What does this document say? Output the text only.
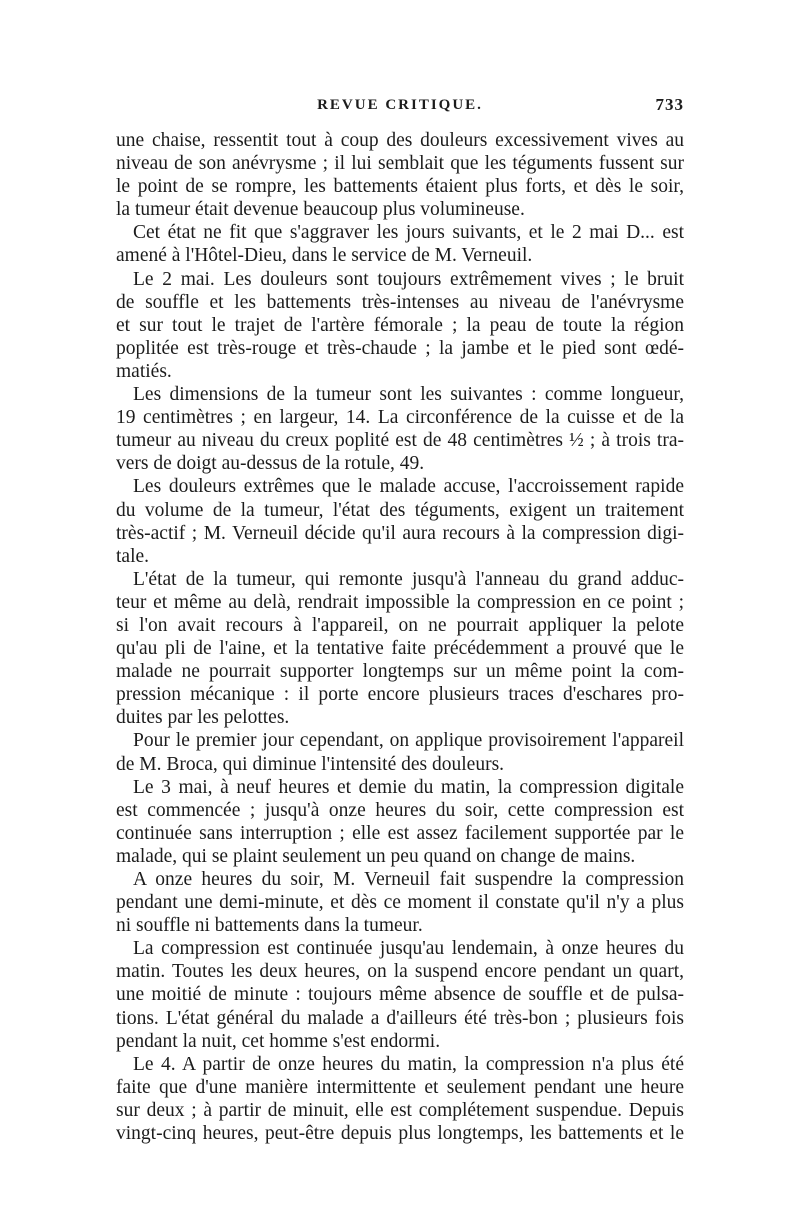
REVUE CRITIQUE.	733
une chaise, ressentit tout à coup des douleurs excessivement vives au
niveau de son anévrysme ; il lui semblait que les téguments fussent sur
le point de se rompre, les battements étaient plus forts, et dès le soir,
la tumeur était devenue beaucoup plus volumineuse.
Cet état ne fit que s'aggraver les jours suivants, et le 2 mai D... est
amené à l'Hôtel-Dieu, dans le service de M. Verneuil.
Le 2 mai. Les douleurs sont toujours extrêmement vives ; le bruit
de souffle et les battements très-intenses au niveau de l'anévrysme
et sur tout le trajet de l'artère fémorale ; la peau de toute la région
poplitée est très-rouge et très-chaude ; la jambe et le pied sont œdé-
matiés.
Les dimensions de la tumeur sont les suivantes : comme longueur,
19 centimètres ; en largeur, 14. La circonférence de la cuisse et de la
tumeur au niveau du creux poplité est de 48 centimètres ½ ; à trois tra-
vers de doigt au-dessus de la rotule, 49.
Les douleurs extrêmes que le malade accuse, l'accroissement rapide
du volume de la tumeur, l'état des téguments, exigent un traitement
très-actif ; M. Verneuil décide qu'il aura recours à la compression digi-
tale.
L'état de la tumeur, qui remonte jusqu'à l'anneau du grand adduc-
teur et même au delà, rendrait impossible la compression en ce point ;
si l'on avait recours à l'appareil, on ne pourrait appliquer la pelote
qu'au pli de l'aine, et la tentative faite précédemment a prouvé que le
malade ne pourrait supporter longtemps sur un même point la com-
pression mécanique : il porte encore plusieurs traces d'eschares pro-
duites par les pelottes.
Pour le premier jour cependant, on applique provisoirement l'appareil
de M. Broca, qui diminue l'intensité des douleurs.
Le 3 mai, à neuf heures et demie du matin, la compression digitale
est commencée ; jusqu'à onze heures du soir, cette compression est
continuée sans interruption ; elle est assez facilement supportée par le
malade, qui se plaint seulement un peu quand on change de mains.
A onze heures du soir, M. Verneuil fait suspendre la compression
pendant une demi-minute, et dès ce moment il constate qu'il n'y a plus
ni souffle ni battements dans la tumeur.
La compression est continuée jusqu'au lendemain, à onze heures du
matin. Toutes les deux heures, on la suspend encore pendant un quart,
une moitié de minute : toujours même absence de souffle et de pulsa-
tions. L'état général du malade a d'ailleurs été très-bon ; plusieurs fois
pendant la nuit, cet homme s'est endormi.
Le 4. A partir de onze heures du matin, la compression n'a plus été
faite que d'une manière intermittente et seulement pendant une heure
sur deux ; à partir de minuit, elle est complétement suspendue. Depuis
vingt-cinq heures, peut-être depuis plus longtemps, les battements et le
